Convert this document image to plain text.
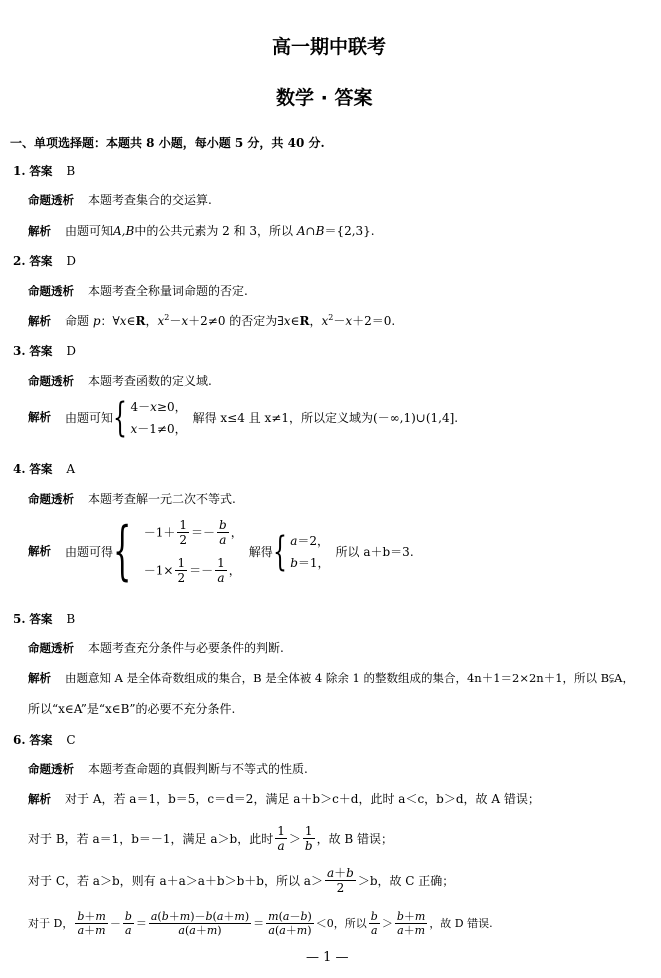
高一期中联考
数学 · 答案
一、单项选择题：本题共 8 小题，每小题 5 分，共 40 分.
1. 答案 B
命题透析 本题考查集合的交运算.
解析 由题可知A,B中的公共元素为 2 和 3，所以 A∩B＝{2,3}.
2. 答案 D
命题透析 本题考查全称量词命题的否定.
解析 命题 p：∀x∈R，$x^2-x+2\ne 0$ 的否定为∃x∈R，$x^2-x+2=0$.
3. 答案 D
命题透析 本题考查函数的定义域.
解析 由题可知 { 4－x≥0，
x－1≠0，
解得 x≤4 且 x≠1，所以定义域为(－∞,1)∪(1,4].
4. 答案 A
命题透析 本题考查解一元二次不等式.
解析 由题可得 { $-1+ \frac{1}{2} =- \frac{b}{a}$ ，
$-1\times \frac{1}{2} =- \frac{1}{a}$ ，
解得 { a＝2，
b＝1，
所以 a＋b＝3.
5. 答案 B
命题透析 本题考查充分条件与必要条件的判断.
解析 由题意知 A 是全体奇数组成的集合，B 是全体被 4 除余 1 的整数组成的集合，4n＋1＝2×2n＋1，所以 B⫋A，
所以“x∈A”是“x∈B”的必要不充分条件.
6. 答案 C
命题透析 本题考查命题的真假判断与不等式的性质.
解析 对于 A，若 a＝1，b＝5，c＝d＝2，满足 a＋b＞c＋d，此时 a＜c，b＞d，故 A 错误；
对于 B，若 a＝1，b＝－1，满足 a＞b，此时 $\frac{1}{a} > \frac{1}{b}$ ，故 B 错误；
对于 C，若 a＞b，则有 a＋a＞a＋b＞b＋b，所以 $a> \frac{a+b}{2} >b$，故 C 正确；
对于 D， $\frac{b+m}{a+m} - \frac{b}{a} = \frac{a(b+m)-b(a+m)}{a(a+m)} = \frac{m(a-b)}{a(a+m)} <0$ ，所以 $\frac{b}{a} > \frac{b+m}{a+m}$ ，故 D 错误.
— 1 —
